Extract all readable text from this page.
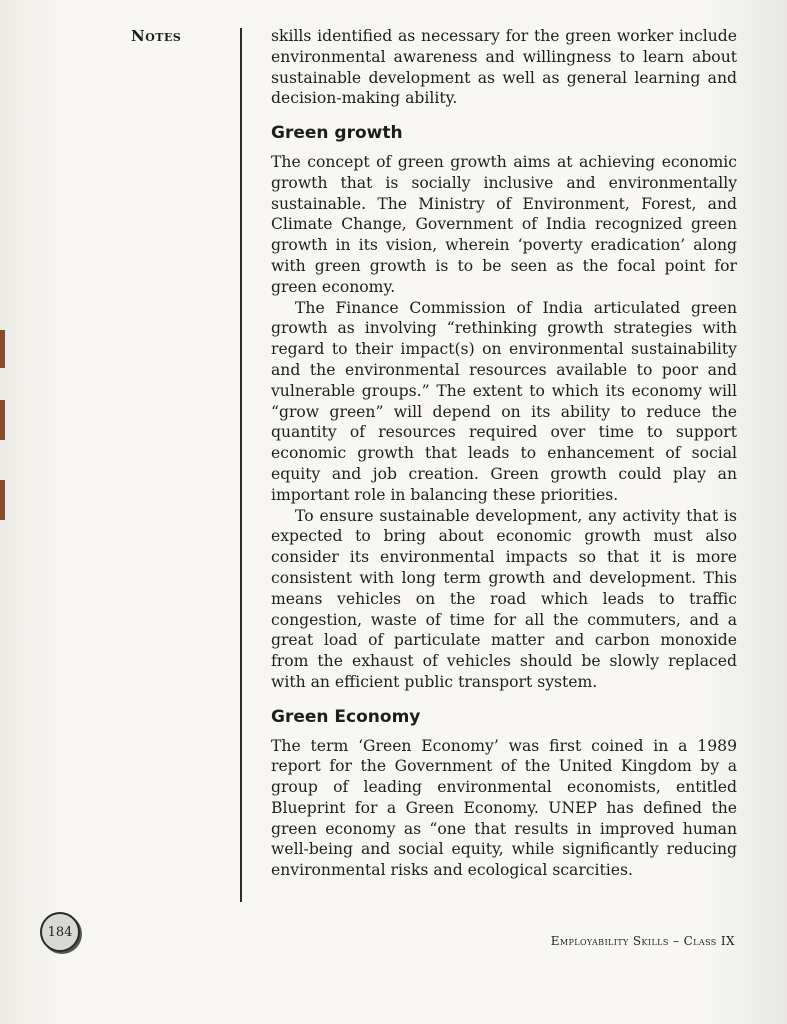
Notes	skills identified as necessary for the green worker include environmental awareness and willingness to learn about sustainable development as well as general learning and decision-making ability.

Green growth

The concept of green growth aims at achieving economic growth that is socially inclusive and environmentally sustainable. The Ministry of Environment, Forest, and Climate Change, Government of India recognized green growth in its vision, wherein ‘poverty eradication’ along with green growth is to be seen as the focal point for green economy.

The Finance Commission of India articulated green growth as involving “rethinking growth strategies with regard to their impact(s) on environmental sustainability and the environmental resources available to poor and vulnerable groups.” The extent to which its economy will “grow green” will depend on its ability to reduce the quantity of resources required over time to support economic growth that leads to enhancement of social equity and job creation. Green growth could play an important role in balancing these priorities.

To ensure sustainable development, any activity that is expected to bring about economic growth must also consider its environmental impacts so that it is more consistent with long term growth and development. This means vehicles on the road which leads to traffic congestion, waste of time for all the commuters, and a great load of particulate matter and carbon monoxide from the exhaust of vehicles should be slowly replaced with an efficient public transport system.

Green Economy

The term ‘Green Economy’ was first coined in a 1989 report for the Government of the United Kingdom by a group of leading environmental economists, entitled Blueprint for a Green Economy. UNEP has defined the green economy as “one that results in improved human well-being and social equity, while significantly reducing environmental risks and ecological scarcities.

184
Employability Skills – Class IX
